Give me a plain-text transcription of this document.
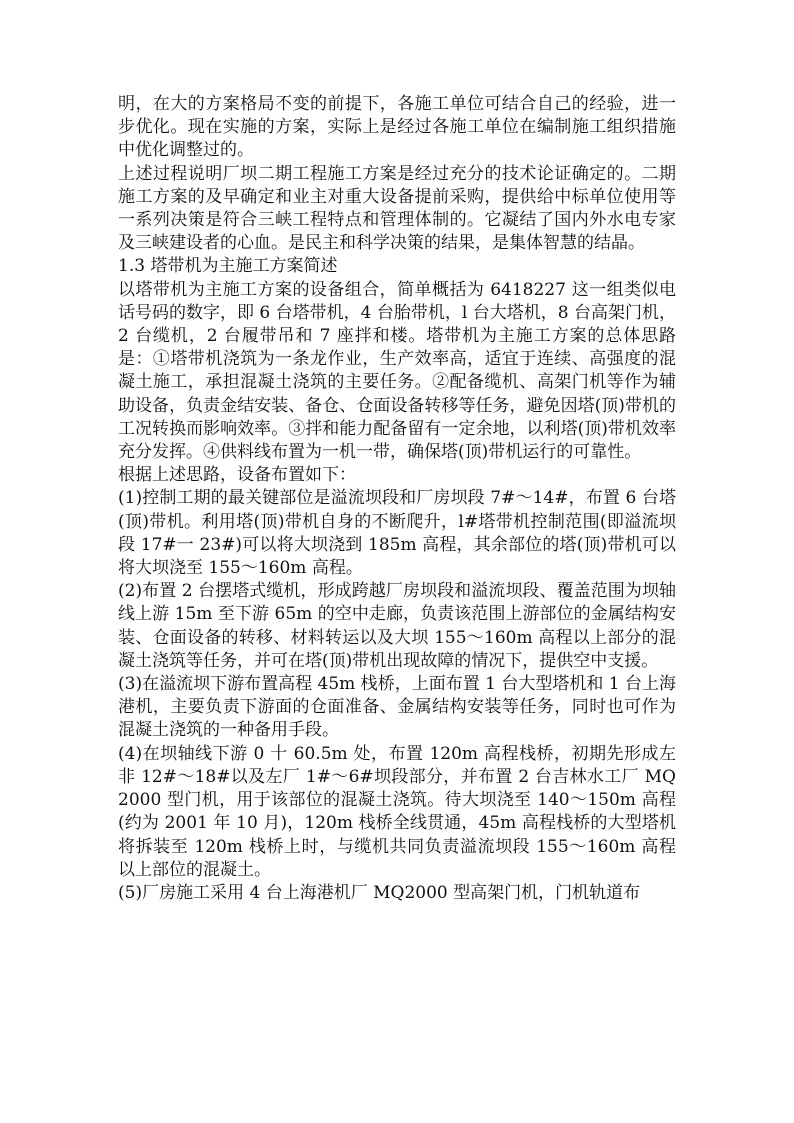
明，在大的方案格局不变的前提下，各施工单位可结合自己的经验，进一步优化。现在实施的方案，实际上是经过各施工单位在编制施工组织措施中优化调整过的。

上述过程说明厂坝二期工程施工方案是经过充分的技术论证确定的。二期施工方案的及早确定和业主对重大设备提前采购，提供给中标单位使用等一系列决策是符合三峡工程特点和管理体制的。它凝结了国内外水电专家及三峡建设者的心血。是民主和科学决策的结果，是集体智慧的结晶。

1.3 塔带机为主施工方案简述

以塔带机为主施工方案的设备组合，简单概括为 6418227 这一组类似电话号码的数字，即 6 台塔带机，4 台胎带机，l 台大塔机，8 台高架门机，2 台缆机，2 台履带吊和 7 座拌和楼。塔带机为主施工方案的总体思路是：①塔带机浇筑为一条龙作业，生产效率高，适宜于连续、高强度的混凝土施工，承担混凝土浇筑的主要任务。②配备缆机、高架门机等作为辅助设备，负责金结安装、备仓、仓面设备转移等任务，避免因塔(顶)带机的工况转换而影响效率。③拌和能力配备留有一定余地，以利塔(顶)带机效率充分发挥。④供料线布置为一机一带，确保塔(顶)带机运行的可靠性。

根据上述思路，设备布置如下：

(1)控制工期的最关键部位是溢流坝段和厂房坝段 7#～14#，布置 6 台塔(顶)带机。利用塔(顶)带机自身的不断爬升，l#塔带机控制范围(即溢流坝段 17#一 23#)可以将大坝浇到 185m 高程，其余部位的塔(顶)带机可以将大坝浇至 155～160m 高程。

(2)布置 2 台摆塔式缆机，形成跨越厂房坝段和溢流坝段、覆盖范围为坝轴线上游 15m 至下游 65m 的空中走廊，负责该范围上游部位的金属结构安装、仓面设备的转移、材料转运以及大坝 155～160m 高程以上部分的混凝土浇筑等任务，并可在塔(顶)带机出现故障的情况下，提供空中支援。

(3)在溢流坝下游布置高程 45m 栈桥，上面布置 1 台大型塔机和 1 台上海港机，主要负责下游面的仓面准备、金属结构安装等任务，同时也可作为混凝土浇筑的一种备用手段。

(4)在坝轴线下游 0 十 60.5m 处，布置 120m 高程栈桥，初期先形成左非 12#～18#以及左厂 1#～6#坝段部分，并布置 2 台吉林水工厂 MQ2000 型门机，用于该部位的混凝土浇筑。待大坝浇至 140～150m 高程(约为 2001 年 10 月)，120m 栈桥全线贯通，45m 高程栈桥的大型塔机将拆装至 120m 栈桥上时，与缆机共同负责溢流坝段 155～160m 高程以上部位的混凝土。

(5)厂房施工采用 4 台上海港机厂 MQ2000 型高架门机，门机轨道布
